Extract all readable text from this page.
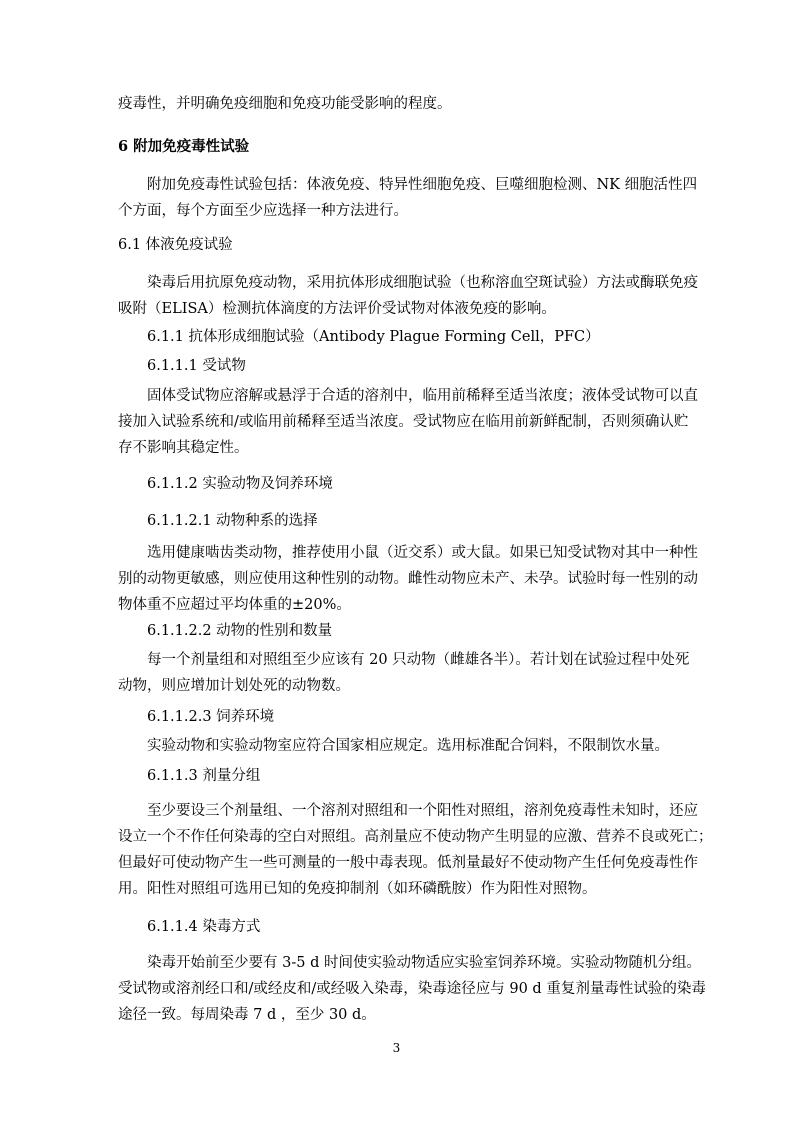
疫毒性，并明确免疫细胞和免疫功能受影响的程度。
6 附加免疫毒性试验
附加免疫毒性试验包括：体液免疫、特异性细胞免疫、巨噬细胞检测、NK 细胞活性四
个方面，每个方面至少应选择一种方法进行。
6.1 体液免疫试验
染毒后用抗原免疫动物，采用抗体形成细胞试验（也称溶血空斑试验）方法或酶联免疫
吸附（ELISA）检测抗体滴度的方法评价受试物对体液免疫的影响。
6.1.1 抗体形成细胞试验（Antibody Plague Forming Cell，PFC）
6.1.1.1 受试物
固体受试物应溶解或悬浮于合适的溶剂中，临用前稀释至适当浓度；液体受试物可以直
接加入试验系统和/或临用前稀释至适当浓度。受试物应在临用前新鲜配制，否则须确认贮
存不影响其稳定性。
6.1.1.2 实验动物及饲养环境
6.1.1.2.1 动物种系的选择
选用健康啮齿类动物，推荐使用小鼠（近交系）或大鼠。如果已知受试物对其中一种性
别的动物更敏感，则应使用这种性别的动物。雌性动物应未产、未孕。试验时每一性别的动
物体重不应超过平均体重的±20%。
6.1.1.2.2 动物的性别和数量
每一个剂量组和对照组至少应该有 20 只动物（雌雄各半）。若计划在试验过程中处死
动物，则应增加计划处死的动物数。
6.1.1.2.3 饲养环境
实验动物和实验动物室应符合国家相应规定。选用标准配合饲料，不限制饮水量。
6.1.1.3 剂量分组
至少要设三个剂量组、一个溶剂对照组和一个阳性对照组，溶剂免疫毒性未知时，还应
设立一个不作任何染毒的空白对照组。高剂量应不使动物产生明显的应激、营养不良或死亡；
但最好可使动物产生一些可测量的一般中毒表现。低剂量最好不使动物产生任何免疫毒性作
用。阳性对照组可选用已知的免疫抑制剂（如环磷酰胺）作为阳性对照物。
6.1.1.4 染毒方式
染毒开始前至少要有 3-5 d 时间使实验动物适应实验室饲养环境。实验动物随机分组。
受试物或溶剂经口和/或经皮和/或经吸入染毒，染毒途径应与 90 d 重复剂量毒性试验的染毒
途径一致。每周染毒 7 d ，至少 30 d。
3
